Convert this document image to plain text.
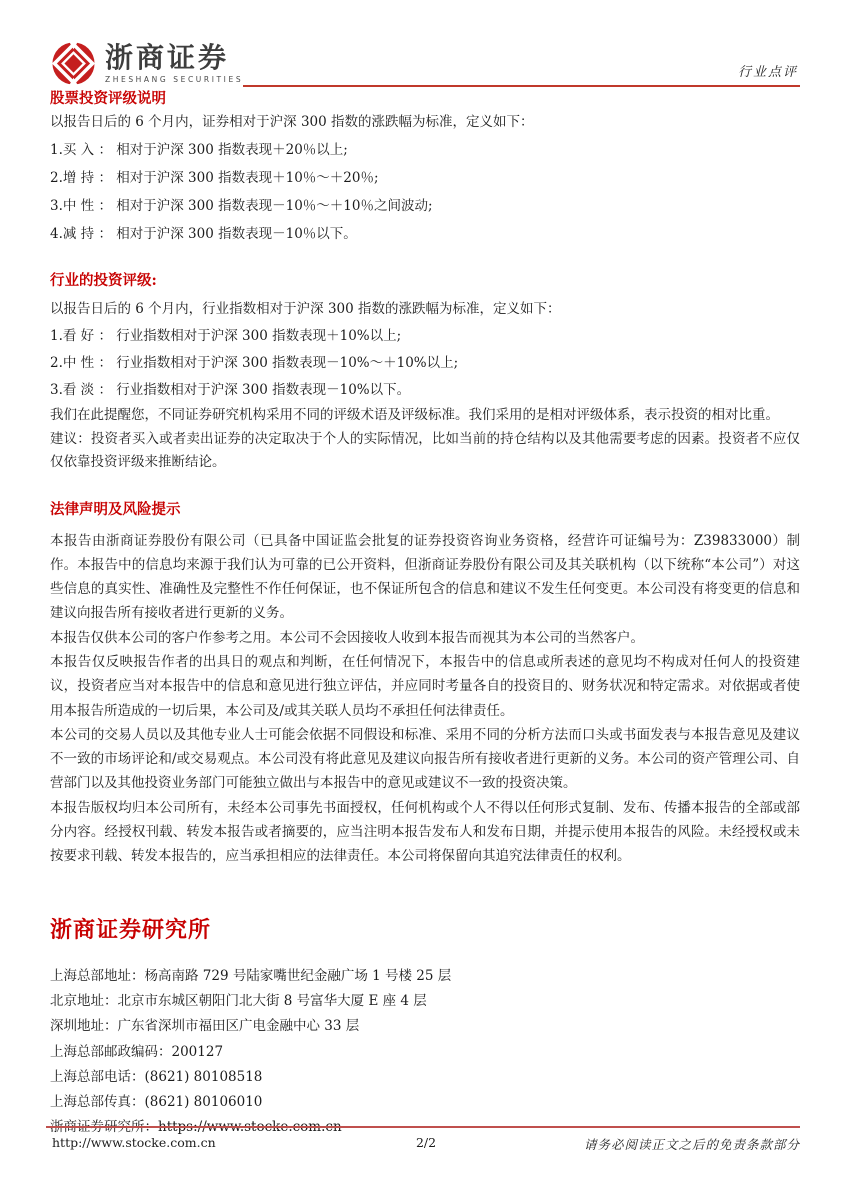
浙商证券
ZHESHANG SECURITIES	行业点评

股票投资评级说明

以报告日后的 6 个月内，证券相对于沪深 300 指数的涨跌幅为标准，定义如下：

1.买 入 ： 相对于沪深 300 指数表现＋20％以上;

2.增 持 ： 相对于沪深 300 指数表现＋10％～＋20％;

3.中 性 ： 相对于沪深 300 指数表现－10％～＋10％之间波动;

4.减 持 ： 相对于沪深 300 指数表现－10％以下。

行业的投资评级:

以报告日后的 6 个月内，行业指数相对于沪深 300 指数的涨跌幅为标准，定义如下：

1.看 好 ： 行业指数相对于沪深 300 指数表现＋10%以上;

2.中 性 ： 行业指数相对于沪深 300 指数表现－10%～＋10%以上;

3.看 淡 ： 行业指数相对于沪深 300 指数表现－10%以下。

我们在此提醒您，不同证券研究机构采用不同的评级术语及评级标准。我们采用的是相对评级体系，表示投资的相对比重。

建议：投资者买入或者卖出证券的决定取决于个人的实际情况，比如当前的持仓结构以及其他需要考虑的因素。投资者不应仅仅依靠投资评级来推断结论。

法律声明及风险提示

本报告由浙商证券股份有限公司（已具备中国证监会批复的证券投资咨询业务资格，经营许可证编号为：Z39833000）制作。本报告中的信息均来源于我们认为可靠的已公开资料，但浙商证券股份有限公司及其关联机构（以下统称“本公司”）对这些信息的真实性、准确性及完整性不作任何保证，也不保证所包含的信息和建议不发生任何变更。本公司没有将变更的信息和建议向报告所有接收者进行更新的义务。

本报告仅供本公司的客户作参考之用。本公司不会因接收人收到本报告而视其为本公司的当然客户。

本报告仅反映报告作者的出具日的观点和判断，在任何情况下，本报告中的信息或所表述的意见均不构成对任何人的投资建议，投资者应当对本报告中的信息和意见进行独立评估，并应同时考量各自的投资目的、财务状况和特定需求。对依据或者使用本报告所造成的一切后果，本公司及/或其关联人员均不承担任何法律责任。

本公司的交易人员以及其他专业人士可能会依据不同假设和标准、采用不同的分析方法而口头或书面发表与本报告意见及建议不一致的市场评论和/或交易观点。本公司没有将此意见及建议向报告所有接收者进行更新的义务。本公司的资产管理公司、自营部门以及其他投资业务部门可能独立做出与本报告中的意见或建议不一致的投资决策。

本报告版权均归本公司所有，未经本公司事先书面授权，任何机构或个人不得以任何形式复制、发布、传播本报告的全部或部分内容。经授权刊载、转发本报告或者摘要的，应当注明本报告发布人和发布日期，并提示使用本报告的风险。未经授权或未按要求刊载、转发本报告的，应当承担相应的法律责任。本公司将保留向其追究法律责任的权利。

浙商证券研究所

上海总部地址：杨高南路 729 号陆家嘴世纪金融广场 1 号楼 25 层

北京地址：北京市东城区朝阳门北大街 8 号富华大厦 E 座 4 层

深圳地址：广东省深圳市福田区广电金融中心 33 层

上海总部邮政编码：200127

上海总部电话：(8621) 80108518

上海总部传真：(8621) 80106010

浙商证券研究所：https://www.stocke.com.cn

http://www.stocke.com.cn	2/2	请务必阅读正文之后的免责条款部分
